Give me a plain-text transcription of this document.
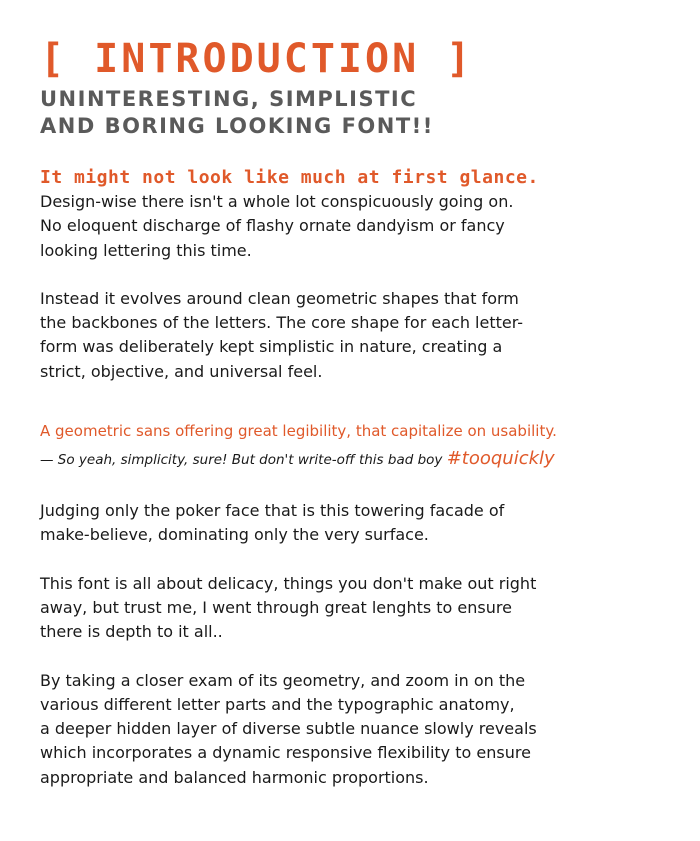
[ INTRODUCTION ]
UNINTERESTING, SIMPLISTIC
AND BORING LOOKING FONT!!

It might not look like much at first glance.

Design-wise there isn't a whole lot conspicuously going on.
No eloquent discharge of flashy ornate dandyism or fancy
looking lettering this time.

Instead it evolves around clean geometric shapes that form
the backbones of the letters. The core shape for each letter-
form was deliberately kept simplistic in nature, creating a
strict, objective, and universal feel.

A geometric sans offering great legibility, that capitalize on usability.

— So yeah, simplicity, sure! But don't write-off this bad boy #tooquickly

Judging only the poker face that is this towering facade of
make-believe, dominating only the very surface.

This font is all about delicacy, things you don't make out right
away, but trust me, I went through great lenghts to ensure
there is depth to it all..

By taking a closer exam of its geometry, and zoom in on the
various different letter parts and the typographic anatomy,
a deeper hidden layer of diverse subtle nuance slowly reveals
which incorporates a dynamic responsive flexibility to ensure
appropriate and balanced harmonic proportions.
